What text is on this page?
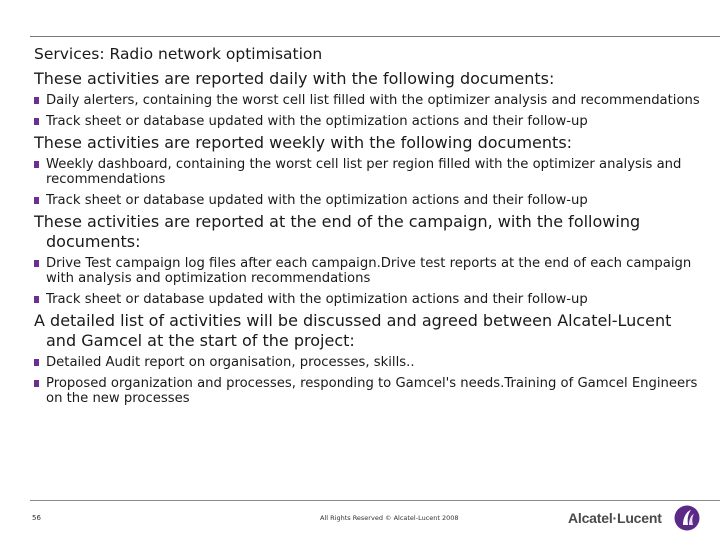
Services: Radio network optimisation

These activities are reported daily with the following documents:

Daily alerters, containing the worst cell list filled with the optimizer analysis and recommendations
Track sheet or database updated with the optimization actions and their follow-up

These activities are reported weekly with the following documents:

Weekly dashboard, containing the worst cell list per region filled with the optimizer analysis and recommendations
Track sheet or database updated with the optimization actions and their follow-up

These activities are reported at the end of the campaign, with the following documents:

Drive Test campaign log files after each campaign.Drive test reports at the end of each campaign with analysis and optimization recommendations
Track sheet or database updated with the optimization actions and their follow-up

A detailed list of activities will be discussed and agreed between Alcatel-Lucent and Gamcel at the start of the project:

Detailed Audit report on organisation, processes, skills..
Proposed organization and processes, responding to Gamcel's needs.Training of Gamcel Engineers on the new processes
56	All Rights Reserved © Alcatel-Lucent 2008	Alcatel·Lucent
